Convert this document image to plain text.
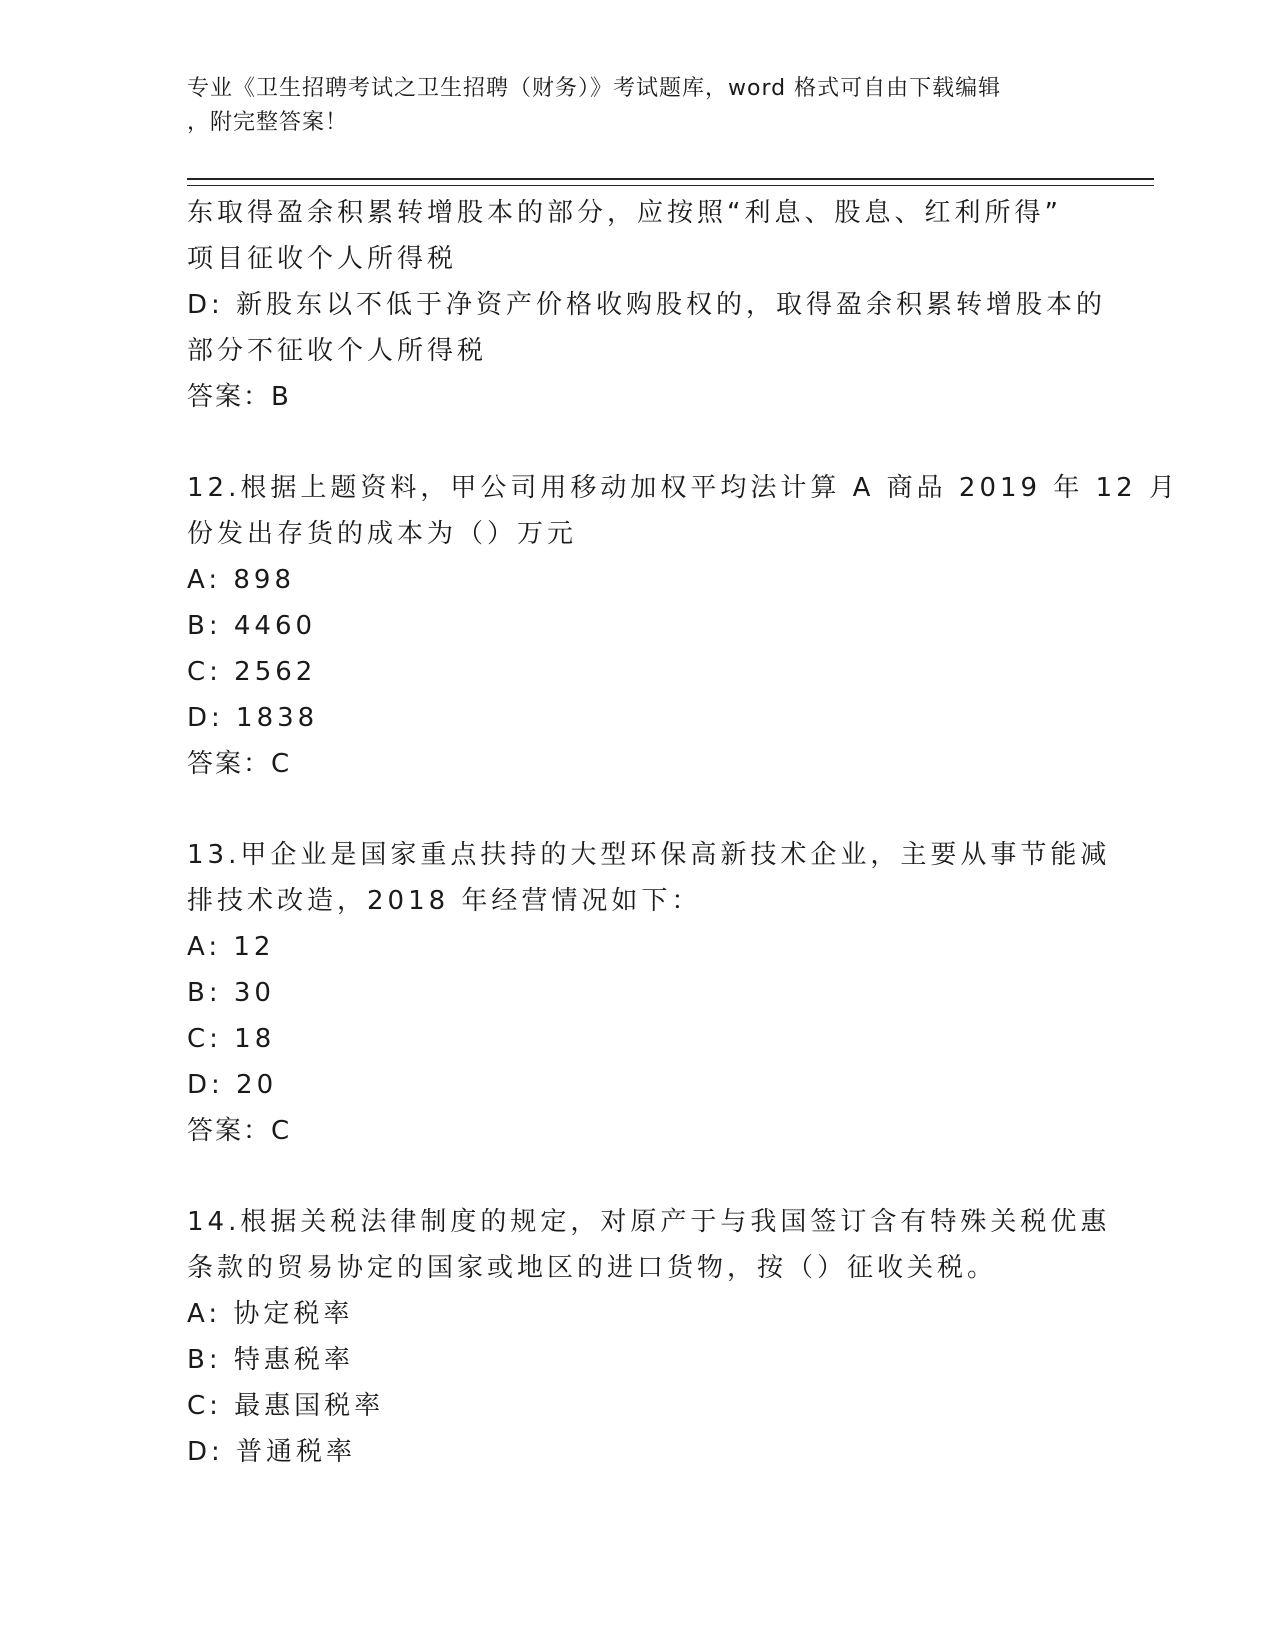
专业《卫生招聘考试之卫生招聘（财务）》考试题库，word 格式可自由下载编辑
，附完整答案！
东取得盈余积累转增股本的部分，应按照“利息、股息、红利所得”
项目征收个人所得税
D: 新股东以不低于净资产价格收购股权的，取得盈余积累转增股本的
部分不征收个人所得税
答案：B
12.根据上题资料，甲公司用移动加权平均法计算 A 商品 2019 年 12 月
份发出存货的成本为（）万元
A: 898
B: 4460
C: 2562
D: 1838
答案：C
13.甲企业是国家重点扶持的大型环保高新技术企业，主要从事节能减
排技术改造，2018 年经营情况如下：
A: 12
B: 30
C: 18
D: 20
答案：C
14.根据关税法律制度的规定，对原产于与我国签订含有特殊关税优惠
条款的贸易协定的国家或地区的进口货物，按（）征收关税。
A: 协定税率
B: 特惠税率
C: 最惠国税率
D: 普通税率
